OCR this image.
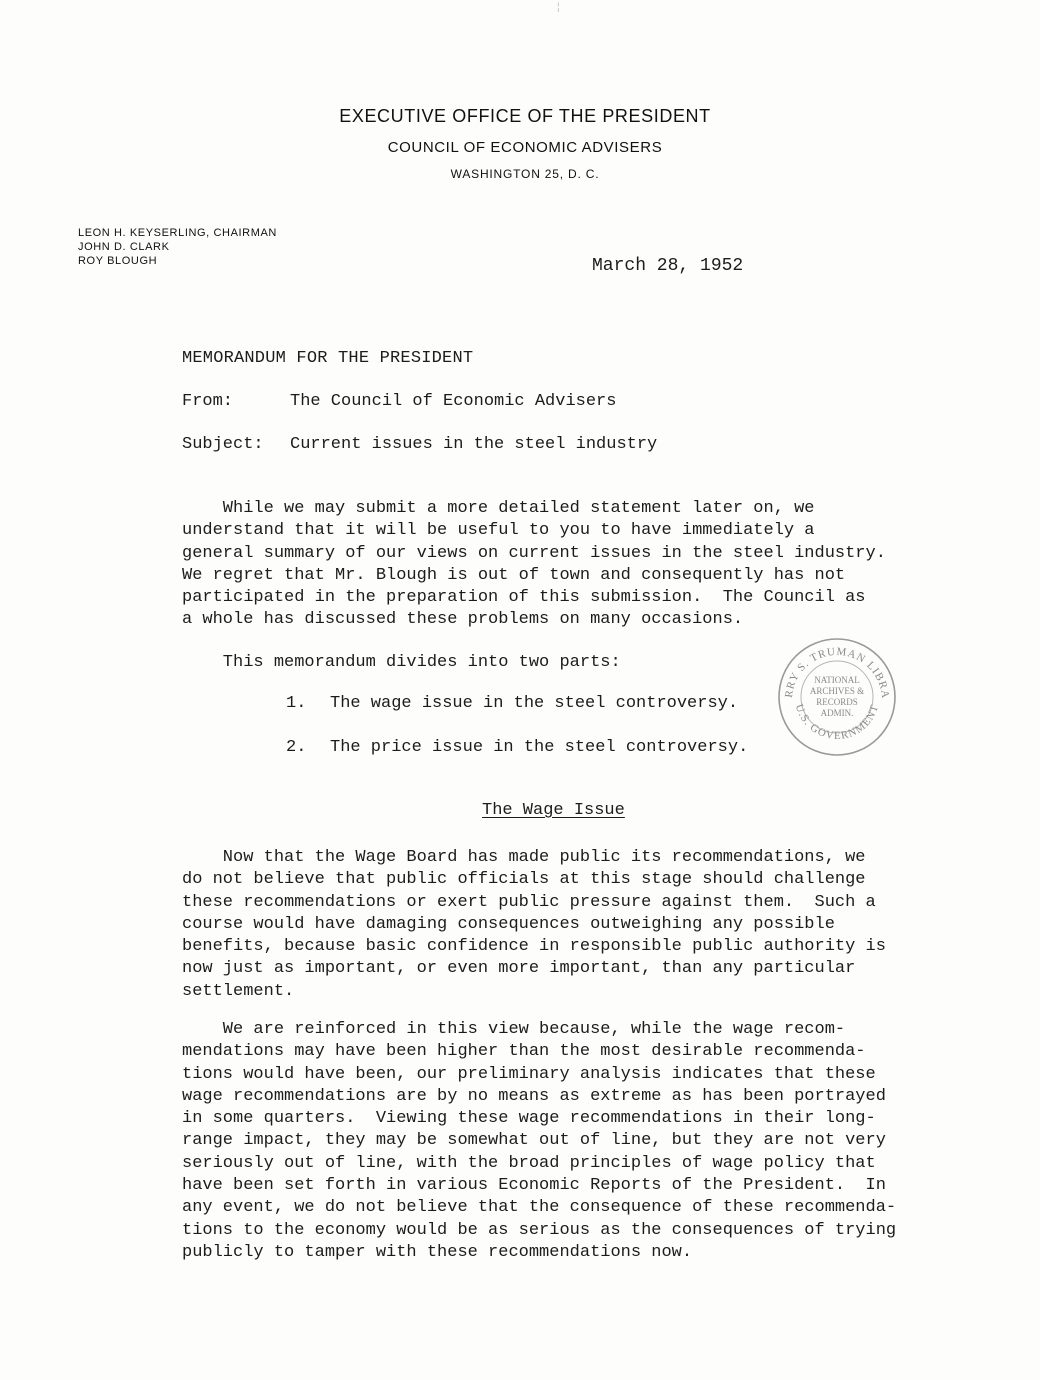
¦
EXECUTIVE OFFICE OF THE PRESIDENT
COUNCIL OF ECONOMIC ADVISERS
WASHINGTON 25, D. C.
LEON H. KEYSERLING, CHAIRMAN
JOHN D. CLARK
ROY BLOUGH	March 28, 1952
MEMORANDUM FOR THE PRESIDENT
From:	The Council of Economic Advisers
Subject: Current issues in the steel industry
While we may submit a more detailed statement later on, we
understand that it will be useful to you to have immediately a
general summary of our views on current issues in the steel industry.
We regret that Mr. Blough is out of town and consequently has not
participated in the preparation of this submission.  The Council as
a whole has discussed these problems on many occasions.
This memorandum divides into two parts:
1. The wage issue in the steel controversy.
2. The price issue in the steel controversy.
RRY S. TRUMAN LIBRA
U.S. GOVERNMENT
NATIONAL
ARCHIVES &
RECORDS
ADMIN.
The Wage Issue
Now that the Wage Board has made public its recommendations, we
do not believe that public officials at this stage should challenge
these recommendations or exert public pressure against them.  Such a
course would have damaging consequences outweighing any possible
benefits, because basic confidence in responsible public authority is
now just as important, or even more important, than any particular
settlement.
We are reinforced in this view because, while the wage recom-
mendations may have been higher than the most desirable recommenda-
tions would have been, our preliminary analysis indicates that these
wage recommendations are by no means as extreme as has been portrayed
in some quarters.  Viewing these wage recommendations in their long-
range impact, they may be somewhat out of line, but they are not very
seriously out of line, with the broad principles of wage policy that
have been set forth in various Economic Reports of the President.  In
any event, we do not believe that the consequence of these recommenda-
tions to the economy would be as serious as the consequences of trying
publicly to tamper with these recommendations now.
